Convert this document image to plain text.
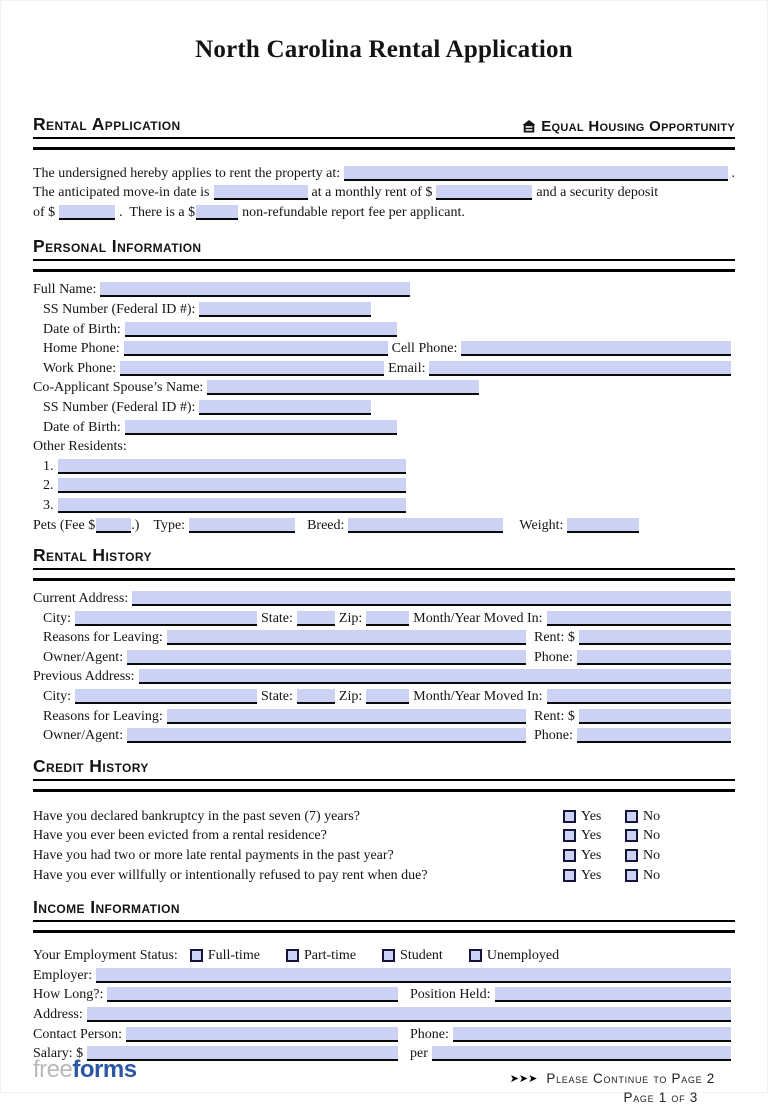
North Carolina Rental Application
Rental Application	Equal Housing Opportunity
The undersigned hereby applies to rent the property at:	.
The anticipated move-in date is	at a monthly rent of $	and a security deposit
of $	.  There is a $	non-refundable report fee per applicant.
Personal Information
Full Name:
SS Number (Federal ID #):
Date of Birth:
Home Phone:	Cell Phone:
Work Phone:	Email:
Co-Applicant Spouse’s Name:
SS Number (Federal ID #):
Date of Birth:
Other Residents:
1.
2.
3.
Pets (Fee $	.) Type:	Breed:	Weight:
Rental History
Current Address:
City:	State:	Zip:	Month/Year Moved In:
Reasons for Leaving:	Rent: $
Owner/Agent:	Phone:
Previous Address:
City:	State:	Zip:	Month/Year Moved In:
Reasons for Leaving:	Rent: $
Owner/Agent:	Phone:
Credit History
Have you declared bankruptcy in the past seven (7) years?	Yes	No
Have you ever been evicted from a rental residence?	Yes	No
Have you had two or more late rental payments in the past year?	Yes	No
Have you ever willfully or intentionally refused to pay rent when due?	Yes	No
Income Information
Your Employment Status: Full-time	Part-time	Student	Unemployed
Employer:
How Long?:	Position Held:
Address:
Contact Person:	Phone:
Salary: $	per
➤➤➤ Please Continue to Page 2
Page 1 of 3
freeforms
